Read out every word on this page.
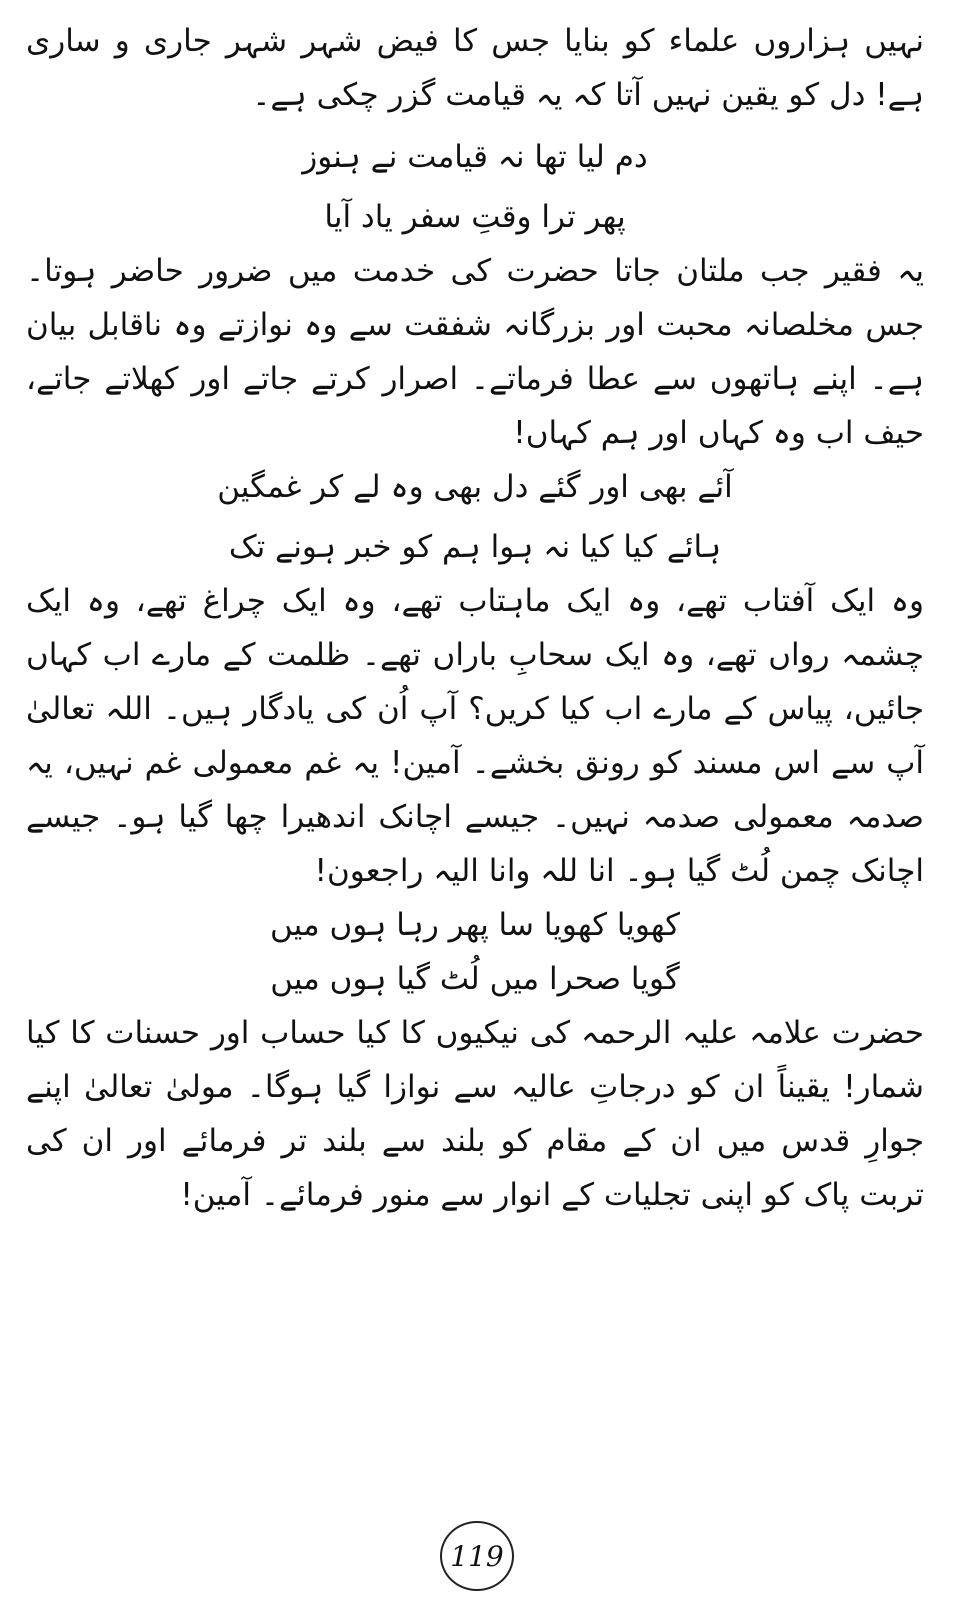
نہیں ہزاروں علماء کو بنایا جس کا فیض شہر شہر جاری و ساری ہے! دل کو یقین نہیں آتا کہ یہ قیامت گزر چکی ہے۔

دم لیا تھا نہ قیامت نے ہنوز

پھر ترا وقتِ سفر یاد آیا

یہ فقیر جب ملتان جاتا حضرت کی خدمت میں ضرور حاضر ہوتا۔ جس مخلصانہ محبت اور بزرگانہ شفقت سے وہ نوازتے وہ ناقابل بیان ہے۔ اپنے ہاتھوں سے عطا فرماتے۔ اصرار کرتے جاتے اور کھلاتے جاتے، حیف اب وہ کہاں اور ہم کہاں!

آئے بھی اور گئے دل بھی وہ لے کر غمگین

ہائے کیا کیا نہ ہوا ہم کو خبر ہونے تک

وہ ایک آفتاب تھے، وہ ایک ماہتاب تھے، وہ ایک چراغ تھے، وہ ایک چشمہ رواں تھے، وہ ایک سحابِ باراں تھے۔ ظلمت کے مارے اب کہاں جائیں، پیاس کے مارے اب کیا کریں؟ آپ اُن کی یادگار ہیں۔ اللہ تعالیٰ آپ سے اس مسند کو رونق بخشے۔ آمین! یہ غم معمولی غم نہیں، یہ صدمہ معمولی صدمہ نہیں۔ جیسے اچانک اندھیرا چھا گیا ہو۔ جیسے اچانک چمن لُٹ گیا ہو۔ انا للہ وانا الیہ راجعون!

کھویا کھویا سا پھر رہا ہوں میں

گویا صحرا میں لُٹ گیا ہوں میں

حضرت علامہ علیہ الرحمہ کی نیکیوں کا کیا حساب اور حسنات کا کیا شمار! یقیناً ان کو درجاتِ عالیہ سے نوازا گیا ہوگا۔ مولیٰ تعالیٰ اپنے جوارِ قدس میں ان کے مقام کو بلند سے بلند تر فرمائے اور ان کی تربت پاک کو اپنی تجلیات کے انوار سے منور فرمائے۔ آمین!

119
